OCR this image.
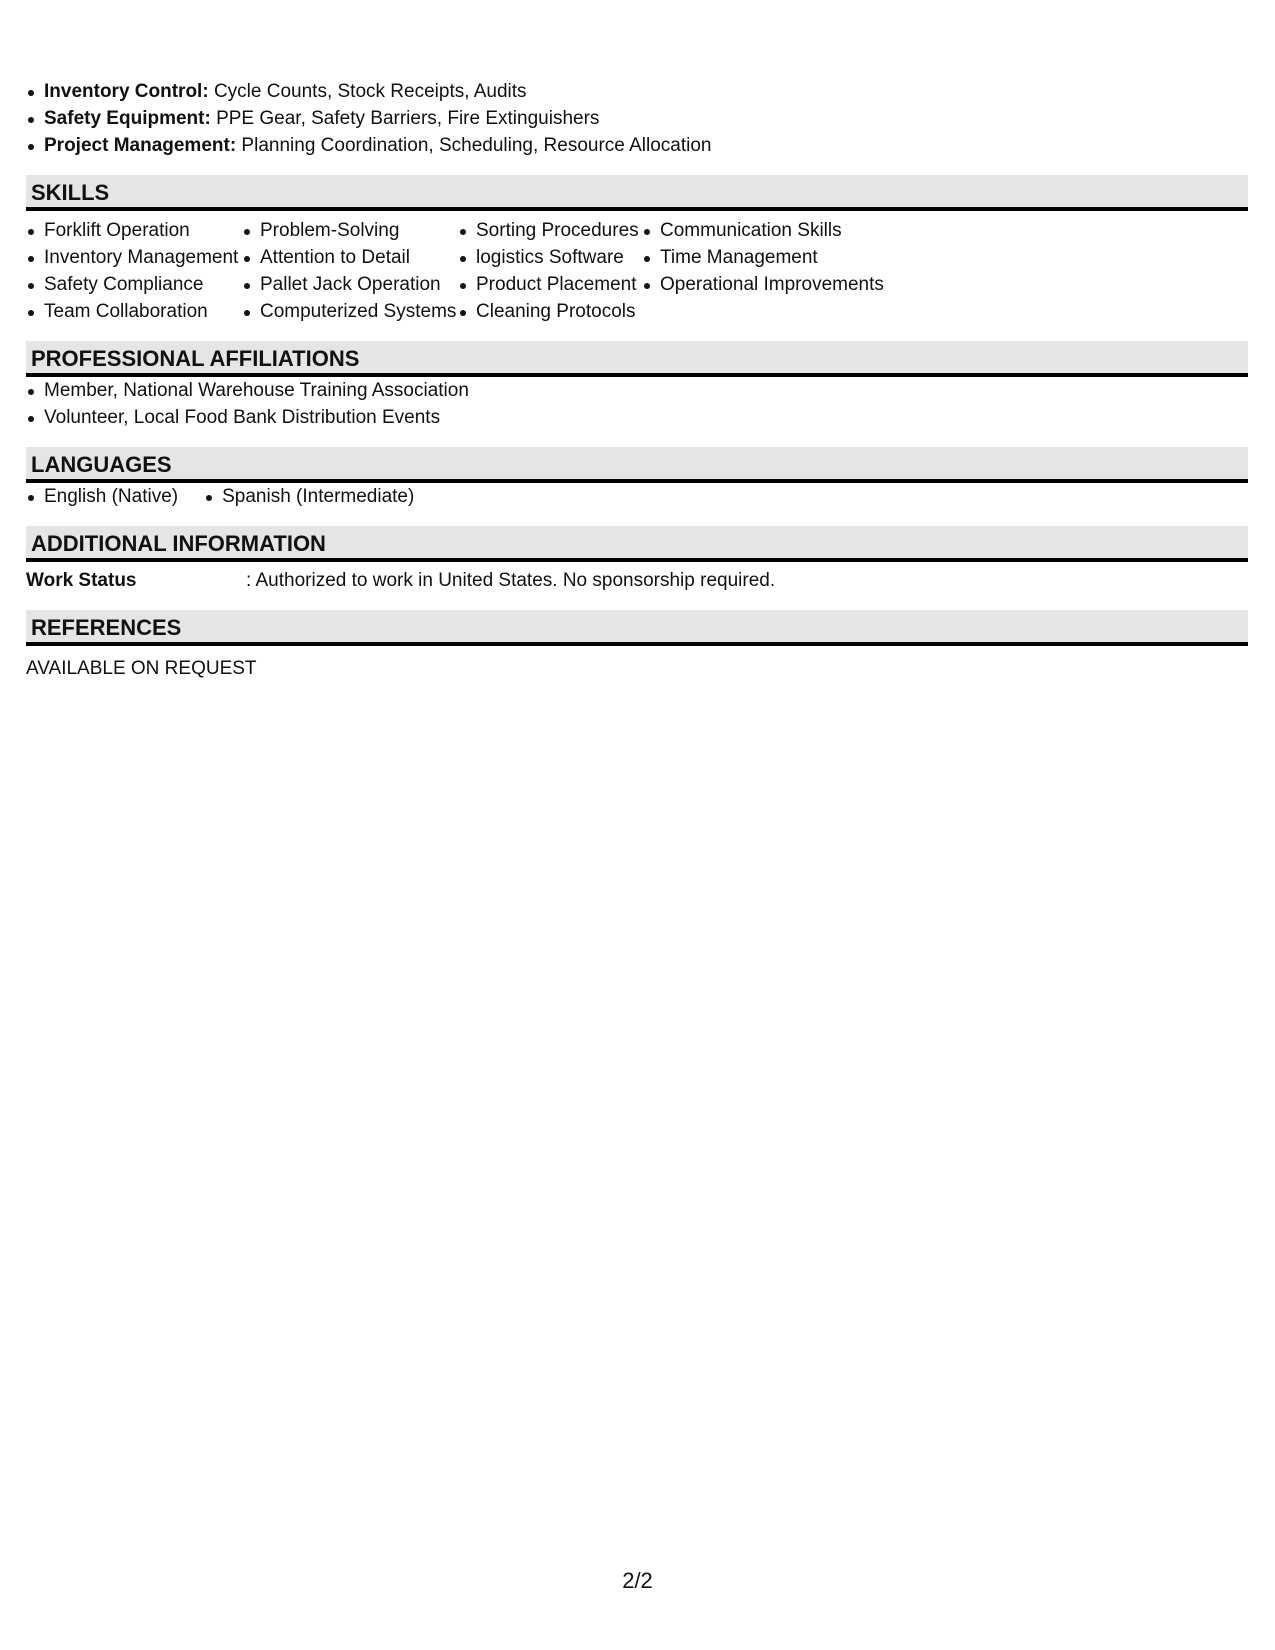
Inventory Control: Cycle Counts, Stock Receipts, Audits
Safety Equipment: PPE Gear, Safety Barriers, Fire Extinguishers
Project Management: Planning Coordination, Scheduling, Resource Allocation
SKILLS
Forklift Operation
Inventory Management
Safety Compliance
Team Collaboration
Problem-Solving
Attention to Detail
Pallet Jack Operation
Computerized Systems
Sorting Procedures
logistics Software
Product Placement
Cleaning Protocols
Communication Skills
Time Management
Operational Improvements
PROFESSIONAL AFFILIATIONS
Member, National Warehouse Training Association
Volunteer, Local Food Bank Distribution Events
LANGUAGES
English (Native)	Spanish (Intermediate)
ADDITIONAL INFORMATION
Work Status	: Authorized to work in United States. No sponsorship required.
REFERENCES
AVAILABLE ON REQUEST
2/2
